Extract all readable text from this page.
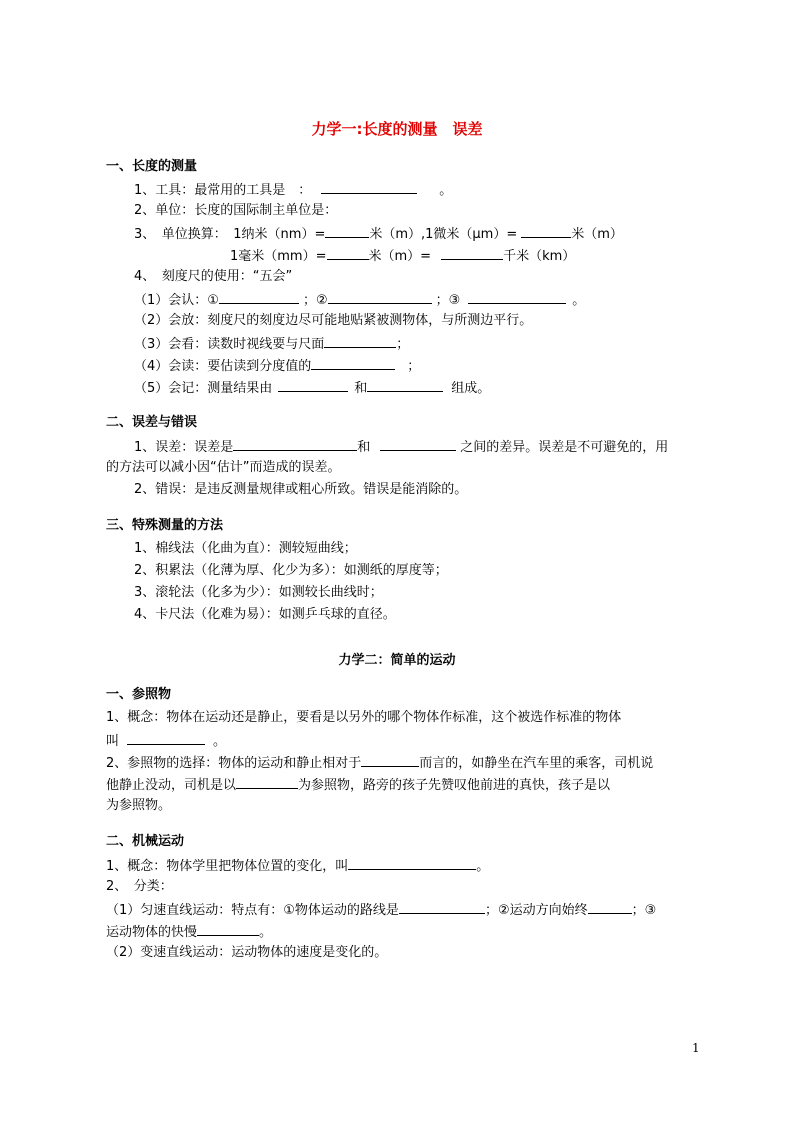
力学一:长度的测量　误差
一、长度的测量
1、工具：最常用的工具是　：	。
2、单位：长度的国际制主单位是：
3、　单位换算：　1纳米（nm）=	米（m）,1微米（μm）=	米（m）
1毫米（mm）=	米（m）=	千米（km）
4、　刻度尺的使用：“五会”
（1）会认：①	；②	；③	。
（2）会放：刻度尺的刻度边尽可能地贴紧被测物体，与所测边平行。
（3）会看：读数时视线要与尺面	；
（4）会读：要估读到分度值的	；
（5）会记：测量结果由	和	组成。
二、误差与错误
1、误差：误差是	和	之间的差异。误差是不可避免的，用
的方法可以减小因“估计”而造成的误差。
2、错误：是违反测量规律或粗心所致。错误是能消除的。
三、特殊测量的方法
1、棉线法（化曲为直）：测较短曲线；
2、积累法（化薄为厚、化少为多）：如测纸的厚度等；
3、滚轮法（化多为少）：如测较长曲线时；
4、卡尺法（化难为易）：如测乒乓球的直径。
力学二：简单的运动
一、参照物
1、概念：物体在运动还是静止，要看是以另外的哪个物体作标准，这个被选作标准的物体
叫	。
2、参照物的选择：物体的运动和静止相对于	而言的，如静坐在汽车里的乘客，司机说
他静止没动，司机是以	为参照物，路旁的孩子先赞叹他前进的真快，孩子是以
为参照物。
二、机械运动
1、概念：物体学里把物体位置的变化，叫	。
2、　分类：
（1）匀速直线运动：特点有：①物体运动的路线是	；②运动方向始终	；③
运动物体的快慢	。
（2）变速直线运动：运动物体的速度是变化的。
1
